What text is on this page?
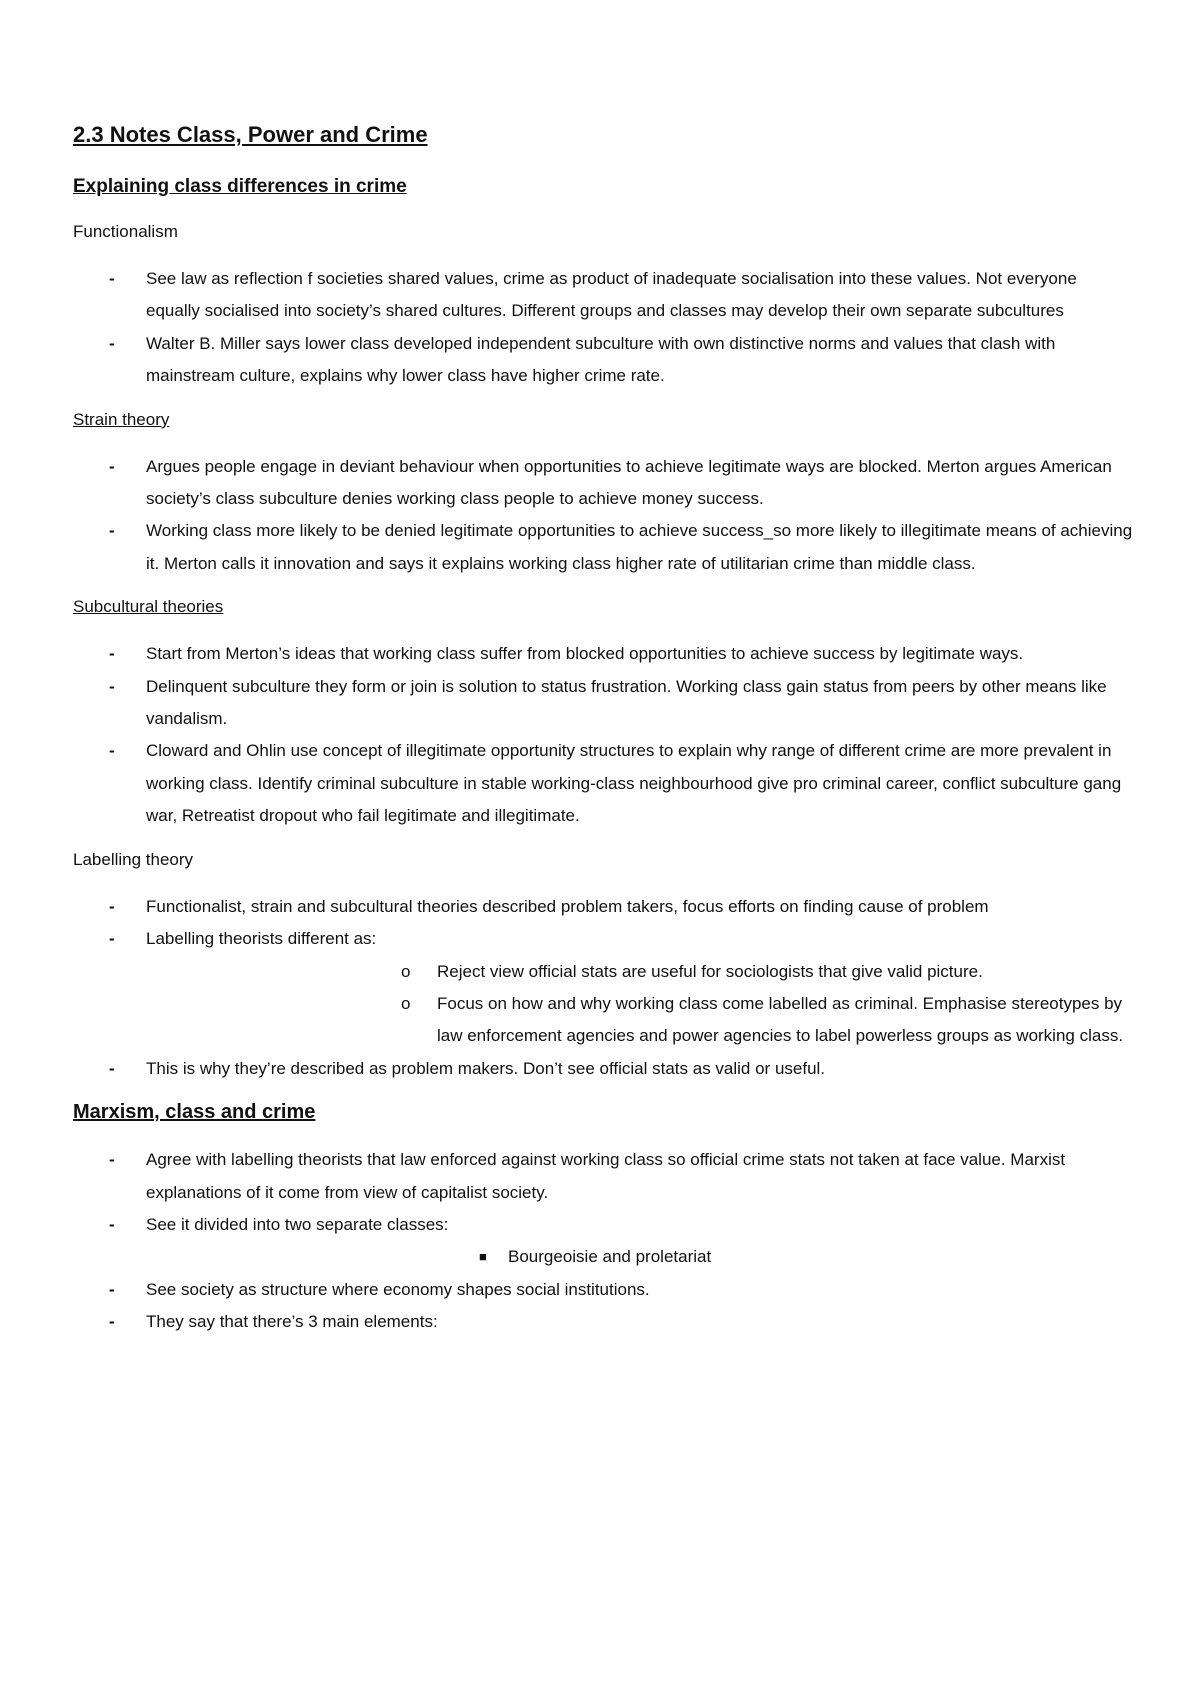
2.3 Notes Class, Power and Crime
Explaining class differences in crime
Functionalism
- See law as reflection f societies shared values, crime as product of inadequate socialisation into these values. Not everyone equally socialised into society’s shared cultures. Different groups and classes may develop their own separate subcultures
- Walter B. Miller says lower class developed independent subculture with own distinctive norms and values that clash with mainstream culture, explains why lower class have higher crime rate.
Strain theory
- Argues people engage in deviant behaviour when opportunities to achieve legitimate ways are blocked. Merton argues American society’s class subculture denies working class people to achieve money success.
- Working class more likely to be denied legitimate opportunities to achieve success_so more likely to illegitimate means of achieving it. Merton calls it innovation and says it explains working class higher rate of utilitarian crime than middle class.
Subcultural theories
- Start from Merton’s ideas that working class suffer from blocked opportunities to achieve success by legitimate ways.
- Delinquent subculture they form or join is solution to status frustration. Working class gain status from peers by other means like vandalism.
- Cloward and Ohlin use concept of illegitimate opportunity structures to explain why range of different crime are more prevalent in working class. Identify criminal subculture in stable working-class neighbourhood give pro criminal career, conflict subculture gang war, Retreatist dropout who fail legitimate and illegitimate.
Labelling theory
- Functionalist, strain and subcultural theories described problem takers, focus efforts on finding cause of problem
- Labelling theorists different as:
o Reject view official stats are useful for sociologists that give valid picture.
o Focus on how and why working class come labelled as criminal. Emphasise stereotypes by law enforcement agencies and power agencies to label powerless groups as working class.
- This is why they’re described as problem makers. Don’t see official stats as valid or useful.
Marxism, class and crime
- Agree with labelling theorists that law enforced against working class so official crime stats not taken at face value. Marxist explanations of it come from view of capitalist society.
- See it divided into two separate classes:
■ Bourgeoisie and proletariat
- See society as structure where economy shapes social institutions.
- They say that there’s 3 main elements:
